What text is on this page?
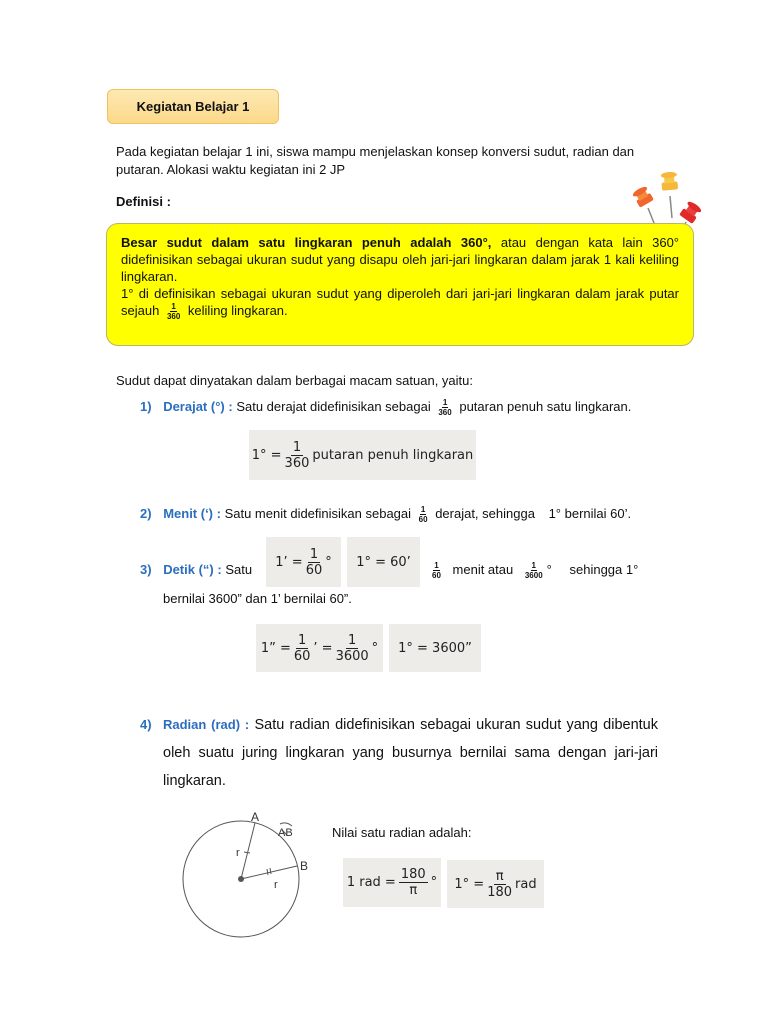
Kegiatan Belajar 1
Pada kegiatan belajar 1 ini, siswa mampu menjelaskan konsep konversi sudut, radian dan putaran. Alokasi waktu kegiatan ini 2 JP
Definisi :
Besar sudut dalam satu lingkaran penuh adalah 360°, atau dengan kata lain 360° didefinisikan sebagai ukuran sudut yang disapu oleh jari-jari lingkaran dalam jarak 1 kali keliling lingkaran.
1° di definisikan sebagai ukuran sudut yang diperoleh dari jari-jari lingkaran dalam jarak putar sejauh $\frac{1}{360}$ keliling lingkaran.
Sudut dapat dinyatakan dalam berbagai macam satuan, yaitu:
1) Derajat (°) : Satu derajat didefinisikan sebagai $\frac{1}{360}$ putaran penuh satu lingkaran.
$1^\circ = \frac{1}{360}$ putaran penuh lingkaran
2) Menit (‘) : Satu menit didefinisikan sebagai $\frac{1}{60}$ derajat, sehingga 1° bernilai 60’.
3) Detik (“) : Satu 1’ = $\frac{1}{60}$ ° 1° = 60’	$\frac{1}{60}$ menit atau $\frac{1}{3600}$ ° sehingga 1°
bernilai 3600” dan 1’ bernilai 60”.
1” = $\frac{1}{60}$ ’ = $\frac{1}{3600}$ ° 1° = 3600”
4) Radian (rad) : Satu radian didefinisikan sebagai ukuran sudut yang dibentuk oleh suatu juring lingkaran yang busurnya bernilai sama dengan jari-jari lingkaran.
A
B
AB
r
r
Nilai satu radian adalah:
1 rad = $\frac{180}{\pi}$ ° $1^\circ = \frac{\pi}{180}$ rad
